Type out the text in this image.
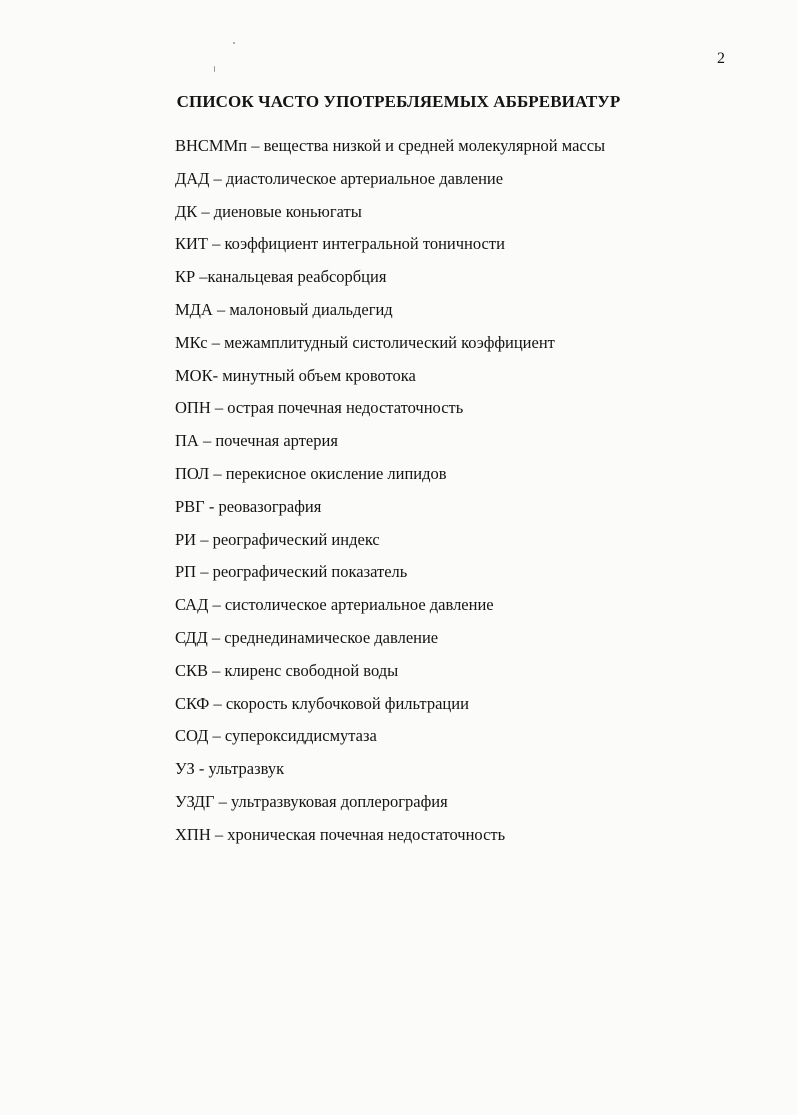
2
СПИСОК ЧАСТО УПОТРЕБЛЯЕМЫХ АББРЕВИАТУР
ВНСММп – вещества низкой и средней молекулярной массы
ДАД – диастолическое артериальное давление
ДК – диеновые коньюгаты
КИТ – коэффициент интегральной тоничности
КР –канальцевая реабсорбция
МДА – малоновый диальдегид
МКс – межамплитудный систолический коэффициент
МОК- минутный объем кровотока
ОПН – острая почечная недостаточность
ПА – почечная артерия
ПОЛ – перекисное окисление липидов
РВГ - реовазография
РИ – реографический индекс
РП – реографический показатель
САД – систолическое артериальное давление
СДД – среднединамическое давление
СКВ – клиренс свободной воды
СКФ – скорость клубочковой фильтрации
СОД – супероксиддисмутаза
УЗ - ультразвук
УЗДГ – ультразвуковая доплерография
ХПН – хроническая почечная недостаточность
